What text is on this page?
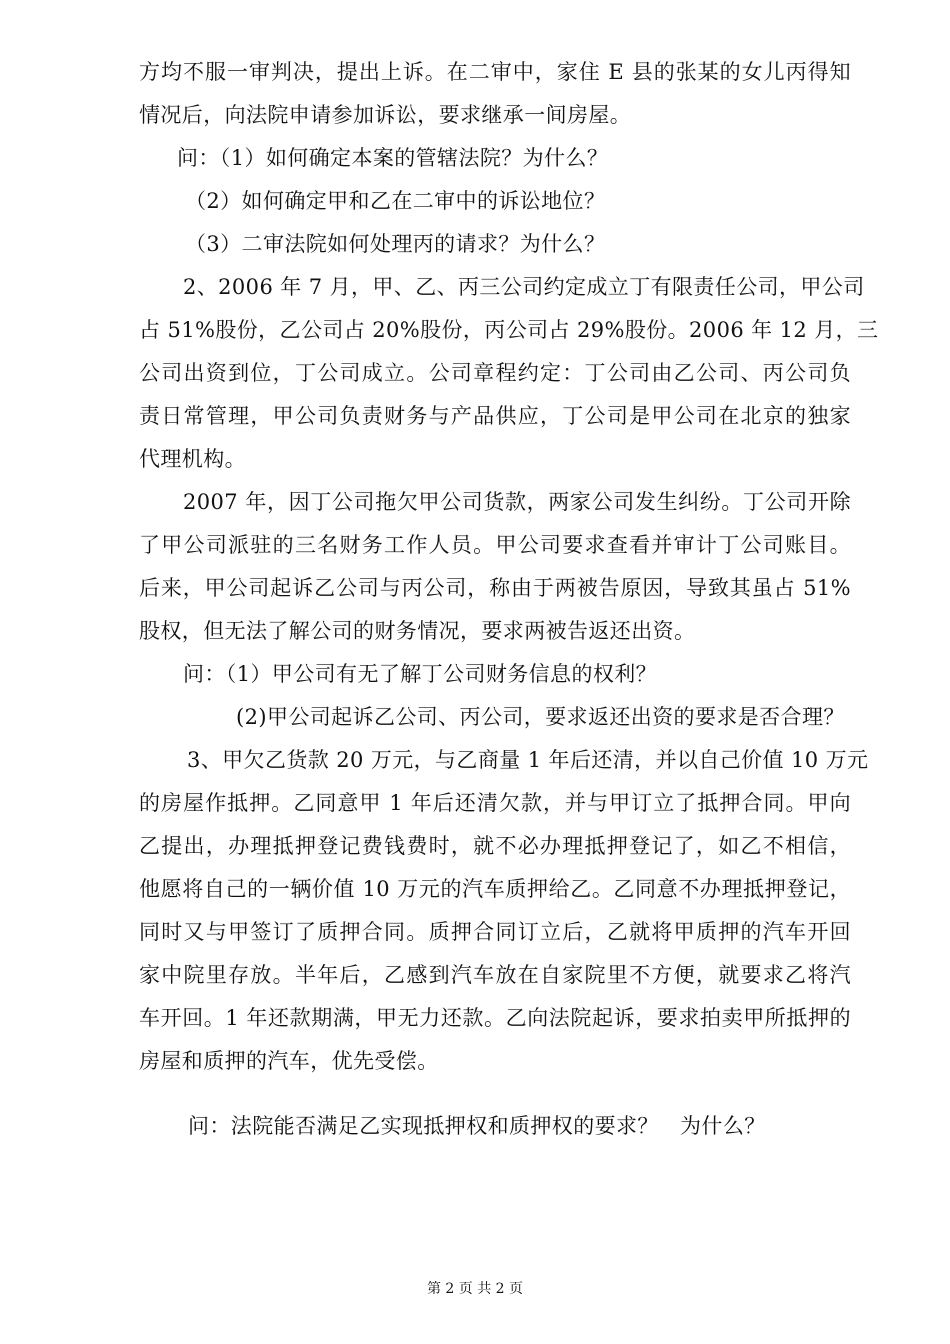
方均不服一审判决，提出上诉。在二审中，家住 E 县的张某的女儿丙得知
情况后，向法院申请参加诉讼，要求继承一间房屋。
问：（1）如何确定本案的管辖法院？为什么？
（2）如何确定甲和乙在二审中的诉讼地位？
（3）二审法院如何处理丙的请求？为什么？
2、2006 年 7 月，甲、乙、丙三公司约定成立丁有限责任公司，甲公司
占 51%股份，乙公司占 20%股份，丙公司占 29%股份。2006 年 12 月，三
公司出资到位，丁公司成立。公司章程约定：丁公司由乙公司、丙公司负
责日常管理，甲公司负责财务与产品供应，丁公司是甲公司在北京的独家
代理机构。
2007 年，因丁公司拖欠甲公司货款，两家公司发生纠纷。丁公司开除
了甲公司派驻的三名财务工作人员。甲公司要求查看并审计丁公司账目。
后来，甲公司起诉乙公司与丙公司，称由于两被告原因，导致其虽占 51%
股权，但无法了解公司的财务情况，要求两被告返还出资。
问：（1）甲公司有无了解丁公司财务信息的权利？
(2)甲公司起诉乙公司、丙公司，要求返还出资的要求是否合理？
3、甲欠乙货款 20 万元，与乙商量 1 年后还清，并以自己价值 10 万元
的房屋作抵押。乙同意甲 1 年后还清欠款，并与甲订立了抵押合同。甲向
乙提出，办理抵押登记费钱费时，就不必办理抵押登记了，如乙不相信，
他愿将自己的一辆价值 10 万元的汽车质押给乙。乙同意不办理抵押登记，
同时又与甲签订了质押合同。质押合同订立后，乙就将甲质押的汽车开回
家中院里存放。半年后，乙感到汽车放在自家院里不方便，就要求乙将汽
车开回。1 年还款期满，甲无力还款。乙向法院起诉，要求拍卖甲所抵押的
房屋和质押的汽车，优先受偿。
问：法院能否满足乙实现抵押权和质押权的要求？   为什么？
第 2 页 共 2 页
